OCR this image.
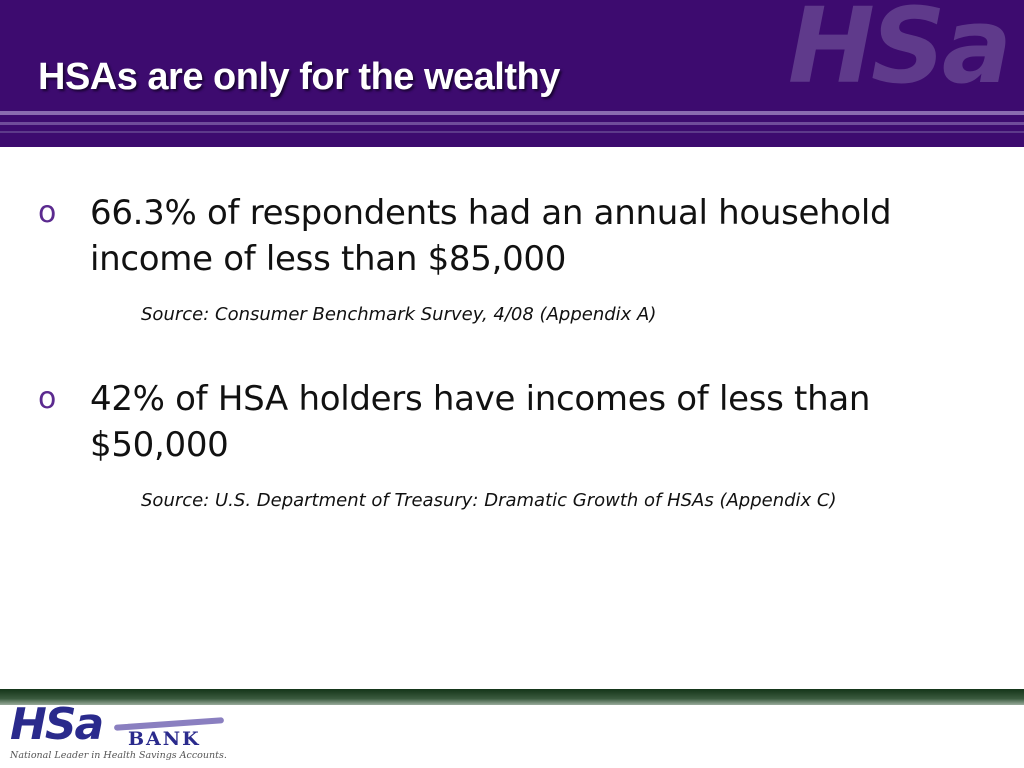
HSa
HSAs are only for the wealthy
o 66.3% of respondents had an annual household income of less than $85,000
Source: Consumer Benchmark Survey, 4/08 (Appendix A)
o 42% of HSA holders have incomes of less than $50,000
Source: U.S. Department of Treasury: Dramatic Growth of HSAs (Appendix C)
HSa BANK
National Leader in Health Savings Accounts.
